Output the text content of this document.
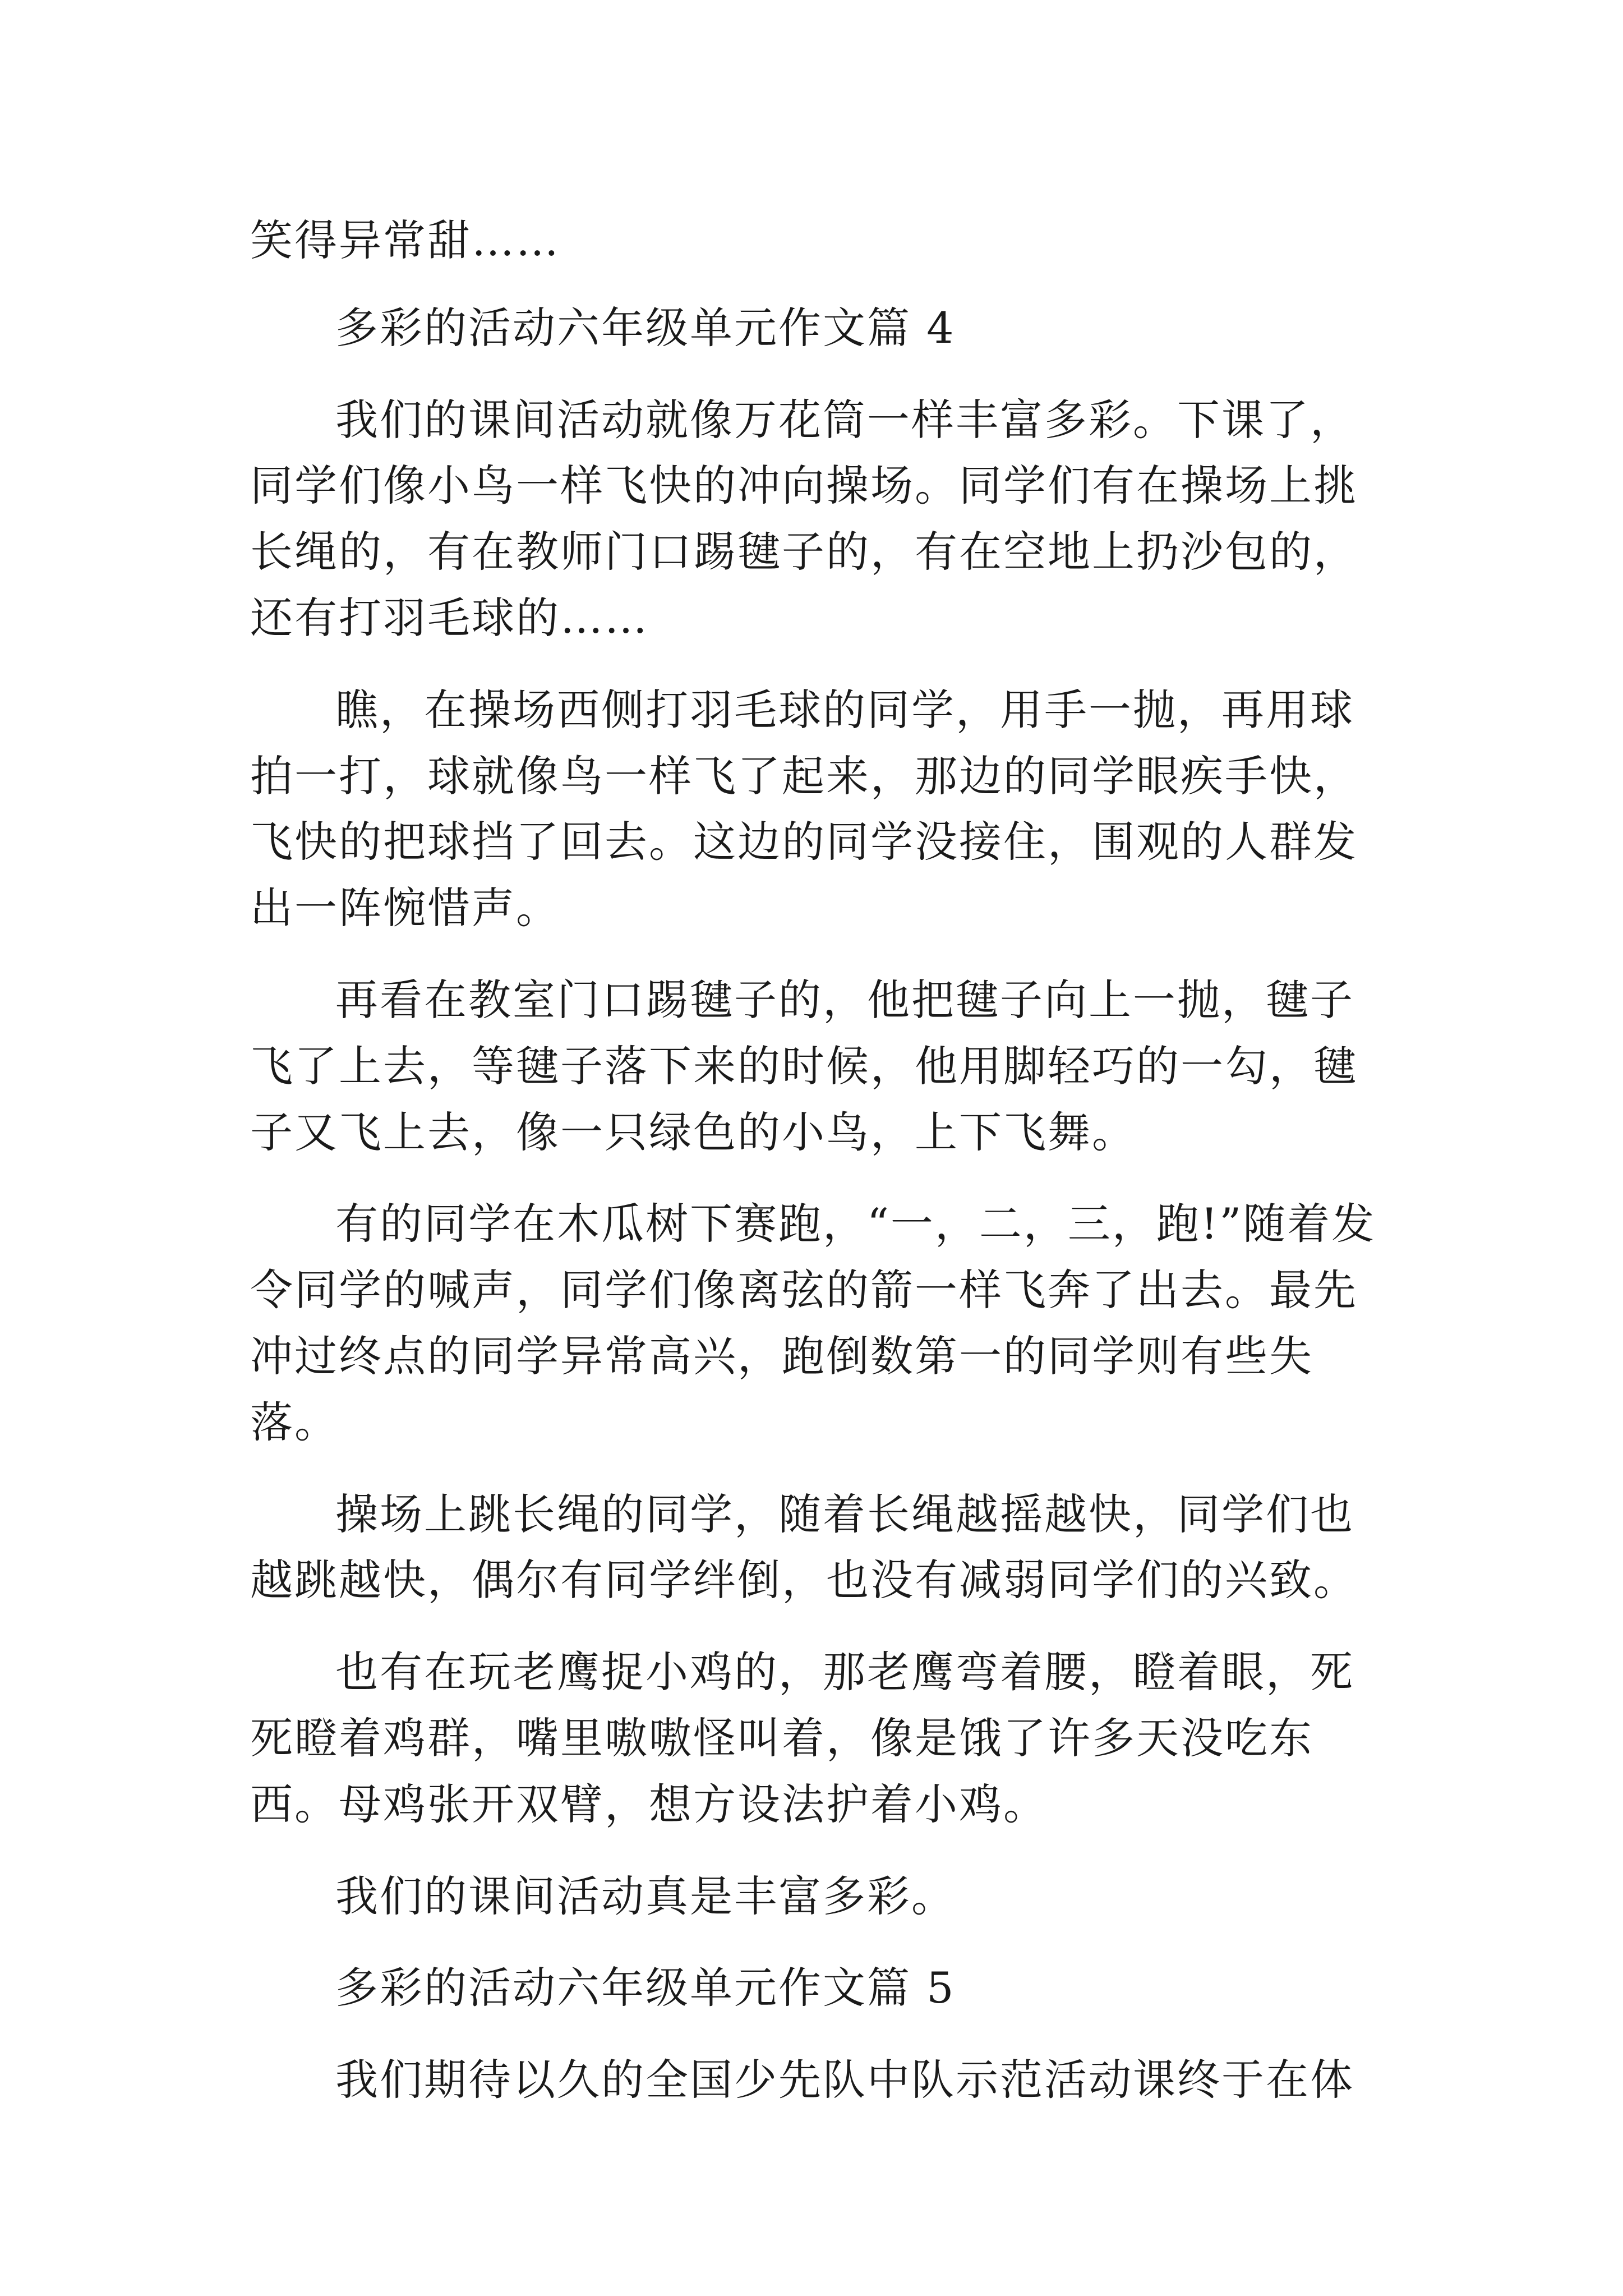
笑得异常甜……

多彩的活动六年级单元作文篇 4

我们的课间活动就像万花筒一样丰富多彩。下课了，同学们像小鸟一样飞快的冲向操场。同学们有在操场上挑长绳的，有在教师门口踢毽子的，有在空地上扔沙包的，还有打羽毛球的……

瞧，在操场西侧打羽毛球的同学，用手一抛，再用球拍一打，球就像鸟一样飞了起来，那边的同学眼疾手快，飞快的把球挡了回去。这边的同学没接住，围观的人群发出一阵惋惜声。

再看在教室门口踢毽子的，他把毽子向上一抛，毽子飞了上去，等毽子落下来的时候，他用脚轻巧的一勾，毽子又飞上去，像一只绿色的小鸟，上下飞舞。

有的同学在木瓜树下赛跑，“一，二，三，跑!”随着发令同学的喊声，同学们像离弦的箭一样飞奔了出去。最先冲过终点的同学异常高兴，跑倒数第一的同学则有些失落。

操场上跳长绳的同学，随着长绳越摇越快，同学们也越跳越快，偶尔有同学绊倒，也没有减弱同学们的兴致。

也有在玩老鹰捉小鸡的，那老鹰弯着腰，瞪着眼，死死瞪着鸡群，嘴里嗷嗷怪叫着，像是饿了许多天没吃东西。母鸡张开双臂，想方设法护着小鸡。

我们的课间活动真是丰富多彩。

多彩的活动六年级单元作文篇 5

我们期待以久的全国少先队中队示范活动课终于在体
